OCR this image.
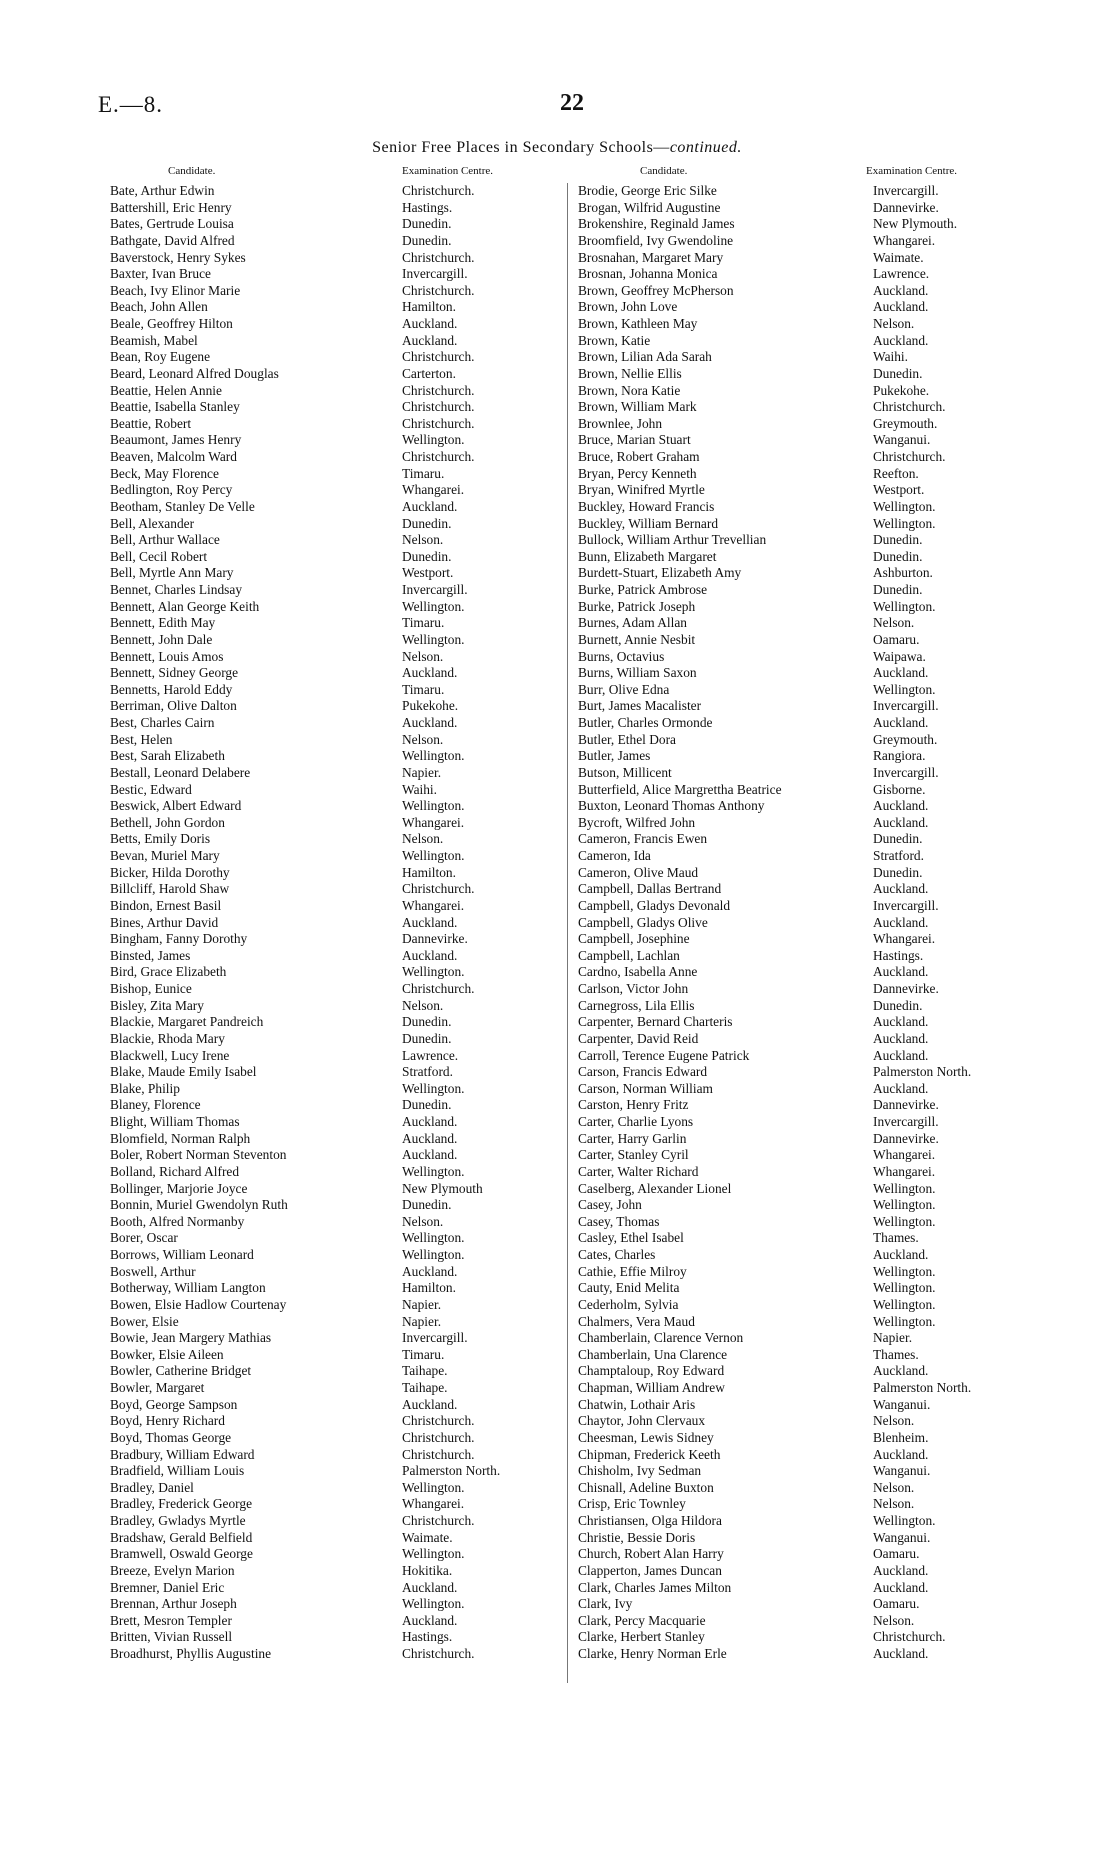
E.—8.	22
Senior Free Places in Secondary Schools—continued.
Candidate.	Examination Centre.	Candidate.	Examination Centre.
Bate, Arthur Edwin	Christchurch.
Battershill, Eric Henry	Hastings.
Bates, Gertrude Louisa	Dunedin.
Bathgate, David Alfred	Dunedin.
Baverstock, Henry Sykes	Christchurch.
Baxter, Ivan Bruce	Invercargill.
Beach, Ivy Elinor Marie	Christchurch.
Beach, John Allen	Hamilton.
Beale, Geoffrey Hilton	Auckland.
Beamish, Mabel	Auckland.
Bean, Roy Eugene	Christchurch.
Beard, Leonard Alfred Douglas	Carterton.
Beattie, Helen Annie	Christchurch.
Beattie, Isabella Stanley	Christchurch.
Beattie, Robert	Christchurch.
Beaumont, James Henry	Wellington.
Beaven, Malcolm Ward	Christchurch.
Beck, May Florence	Timaru.
Bedlington, Roy Percy	Whangarei.
Beotham, Stanley De Velle	Auckland.
Bell, Alexander	Dunedin.
Bell, Arthur Wallace	Nelson.
Bell, Cecil Robert	Dunedin.
Bell, Myrtle Ann Mary	Westport.
Bennet, Charles Lindsay	Invercargill.
Bennett, Alan George Keith	Wellington.
Bennett, Edith May	Timaru.
Bennett, John Dale	Wellington.
Bennett, Louis Amos	Nelson.
Bennett, Sidney George	Auckland.
Bennetts, Harold Eddy	Timaru.
Berriman, Olive Dalton	Pukekohe.
Best, Charles Cairn	Auckland.
Best, Helen	Nelson.
Best, Sarah Elizabeth	Wellington.
Bestall, Leonard Delabere	Napier.
Bestic, Edward	Waihi.
Beswick, Albert Edward	Wellington.
Bethell, John Gordon	Whangarei.
Betts, Emily Doris	Nelson.
Bevan, Muriel Mary	Wellington.
Bicker, Hilda Dorothy	Hamilton.
Billcliff, Harold Shaw	Christchurch.
Bindon, Ernest Basil	Whangarei.
Bines, Arthur David	Auckland.
Bingham, Fanny Dorothy	Dannevirke.
Binsted, James	Auckland.
Bird, Grace Elizabeth	Wellington.
Bishop, Eunice	Christchurch.
Bisley, Zita Mary	Nelson.
Blackie, Margaret Pandreich	Dunedin.
Blackie, Rhoda Mary	Dunedin.
Blackwell, Lucy Irene	Lawrence.
Blake, Maude Emily Isabel	Stratford.
Blake, Philip	Wellington.
Blaney, Florence	Dunedin.
Blight, William Thomas	Auckland.
Blomfield, Norman Ralph	Auckland.
Boler, Robert Norman Steventon	Auckland.
Bolland, Richard Alfred	Wellington.
Bollinger, Marjorie Joyce	New Plymouth
Bonnin, Muriel Gwendolyn Ruth	Dunedin.
Booth, Alfred Normanby	Nelson.
Borer, Oscar	Wellington.
Borrows, William Leonard	Wellington.
Boswell, Arthur	Auckland.
Botherway, William Langton	Hamilton.
Bowen, Elsie Hadlow Courtenay	Napier.
Bower, Elsie	Napier.
Bowie, Jean Margery Mathias	Invercargill.
Bowker, Elsie Aileen	Timaru.
Bowler, Catherine Bridget	Taihape.
Bowler, Margaret	Taihape.
Boyd, George Sampson	Auckland.
Boyd, Henry Richard	Christchurch.
Boyd, Thomas George	Christchurch.
Bradbury, William Edward	Christchurch.
Bradfield, William Louis	Palmerston North.
Bradley, Daniel	Wellington.
Bradley, Frederick George	Whangarei.
Bradley, Gwladys Myrtle	Christchurch.
Bradshaw, Gerald Belfield	Waimate.
Bramwell, Oswald George	Wellington.
Breeze, Evelyn Marion	Hokitika.
Bremner, Daniel Eric	Auckland.
Brennan, Arthur Joseph	Wellington.
Brett, Mesron Templer	Auckland.
Britten, Vivian Russell	Hastings.
Broadhurst, Phyllis Augustine	Christchurch.
Brodie, George Eric Silke	Invercargill.
Brogan, Wilfrid Augustine	Dannevirke.
Brokenshire, Reginald James	New Plymouth.
Broomfield, Ivy Gwendoline	Whangarei.
Brosnahan, Margaret Mary	Waimate.
Brosnan, Johanna Monica	Lawrence.
Brown, Geoffrey McPherson	Auckland.
Brown, John Love	Auckland.
Brown, Kathleen May	Nelson.
Brown, Katie	Auckland.
Brown, Lilian Ada Sarah	Waihi.
Brown, Nellie Ellis	Dunedin.
Brown, Nora Katie	Pukekohe.
Brown, William Mark	Christchurch.
Brownlee, John	Greymouth.
Bruce, Marian Stuart	Wanganui.
Bruce, Robert Graham	Christchurch.
Bryan, Percy Kenneth	Reefton.
Bryan, Winifred Myrtle	Westport.
Buckley, Howard Francis	Wellington.
Buckley, William Bernard	Wellington.
Bullock, William Arthur Trevellian	Dunedin.
Bunn, Elizabeth Margaret	Dunedin.
Burdett-Stuart, Elizabeth Amy	Ashburton.
Burke, Patrick Ambrose	Dunedin.
Burke, Patrick Joseph	Wellington.
Burnes, Adam Allan	Nelson.
Burnett, Annie Nesbit	Oamaru.
Burns, Octavius	Waipawa.
Burns, William Saxon	Auckland.
Burr, Olive Edna	Wellington.
Burt, James Macalister	Invercargill.
Butler, Charles Ormonde	Auckland.
Butler, Ethel Dora	Greymouth.
Butler, James	Rangiora.
Butson, Millicent	Invercargill.
Butterfield, Alice Margrettha Beatrice	Gisborne.
Buxton, Leonard Thomas Anthony	Auckland.
Bycroft, Wilfred John	Auckland.
Cameron, Francis Ewen	Dunedin.
Cameron, Ida	Stratford.
Cameron, Olive Maud	Dunedin.
Campbell, Dallas Bertrand	Auckland.
Campbell, Gladys Devonald	Invercargill.
Campbell, Gladys Olive	Auckland.
Campbell, Josephine	Whangarei.
Campbell, Lachlan	Hastings.
Cardno, Isabella Anne	Auckland.
Carlson, Victor John	Dannevirke.
Carnegross, Lila Ellis	Dunedin.
Carpenter, Bernard Charteris	Auckland.
Carpenter, David Reid	Auckland.
Carroll, Terence Eugene Patrick	Auckland.
Carson, Francis Edward	Palmerston North.
Carson, Norman William	Auckland.
Carston, Henry Fritz	Dannevirke.
Carter, Charlie Lyons	Invercargill.
Carter, Harry Garlin	Dannevirke.
Carter, Stanley Cyril	Whangarei.
Carter, Walter Richard	Whangarei.
Caselberg, Alexander Lionel	Wellington.
Casey, John	Wellington.
Casey, Thomas	Wellington.
Casley, Ethel Isabel	Thames.
Cates, Charles	Auckland.
Cathie, Effie Milroy	Wellington.
Cauty, Enid Melita	Wellington.
Cederholm, Sylvia	Wellington.
Chalmers, Vera Maud	Wellington.
Chamberlain, Clarence Vernon	Napier.
Chamberlain, Una Clarence	Thames.
Champtaloup, Roy Edward	Auckland.
Chapman, William Andrew	Palmerston North.
Chatwin, Lothair Aris	Wanganui.
Chaytor, John Clervaux	Nelson.
Cheesman, Lewis Sidney	Blenheim.
Chipman, Frederick Keeth	Auckland.
Chisholm, Ivy Sedman	Wanganui.
Chisnall, Adeline Buxton	Nelson.
Crisp, Eric Townley	Nelson.
Christiansen, Olga Hildora	Wellington.
Christie, Bessie Doris	Wanganui.
Church, Robert Alan Harry	Oamaru.
Clapperton, James Duncan	Auckland.
Clark, Charles James Milton	Auckland.
Clark, Ivy	Oamaru.
Clark, Percy Macquarie	Nelson.
Clarke, Herbert Stanley	Christchurch.
Clarke, Henry Norman Erle	Auckland.
